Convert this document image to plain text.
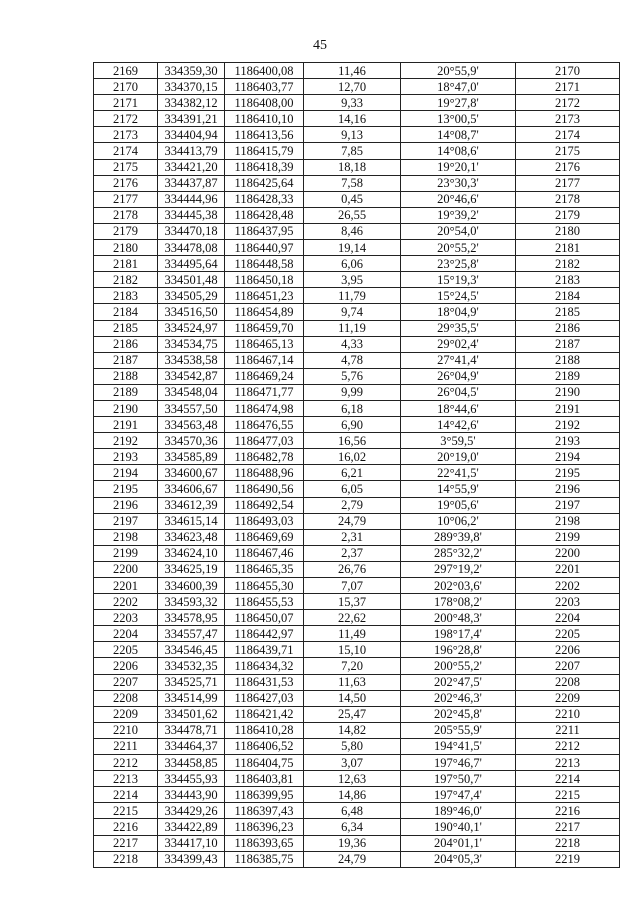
45
2169	334359,30	1186400,08	11,46	20°55,9'	2170
2170	334370,15	1186403,77	12,70	18°47,0'	2171
2171	334382,12	1186408,00	9,33	19°27,8'	2172
2172	334391,21	1186410,10	14,16	13°00,5'	2173
2173	334404,94	1186413,56	9,13	14°08,7'	2174
2174	334413,79	1186415,79	7,85	14°08,6'	2175
2175	334421,20	1186418,39	18,18	19°20,1'	2176
2176	334437,87	1186425,64	7,58	23°30,3'	2177
2177	334444,96	1186428,33	0,45	20°46,6'	2178
2178	334445,38	1186428,48	26,55	19°39,2'	2179
2179	334470,18	1186437,95	8,46	20°54,0'	2180
2180	334478,08	1186440,97	19,14	20°55,2'	2181
2181	334495,64	1186448,58	6,06	23°25,8'	2182
2182	334501,48	1186450,18	3,95	15°19,3'	2183
2183	334505,29	1186451,23	11,79	15°24,5'	2184
2184	334516,50	1186454,89	9,74	18°04,9'	2185
2185	334524,97	1186459,70	11,19	29°35,5'	2186
2186	334534,75	1186465,13	4,33	29°02,4'	2187
2187	334538,58	1186467,14	4,78	27°41,4'	2188
2188	334542,87	1186469,24	5,76	26°04,9'	2189
2189	334548,04	1186471,77	9,99	26°04,5'	2190
2190	334557,50	1186474,98	6,18	18°44,6'	2191
2191	334563,48	1186476,55	6,90	14°42,6'	2192
2192	334570,36	1186477,03	16,56	3°59,5'	2193
2193	334585,89	1186482,78	16,02	20°19,0'	2194
2194	334600,67	1186488,96	6,21	22°41,5'	2195
2195	334606,67	1186490,56	6,05	14°55,9'	2196
2196	334612,39	1186492,54	2,79	19°05,6'	2197
2197	334615,14	1186493,03	24,79	10°06,2'	2198
2198	334623,48	1186469,69	2,31	289°39,8'	2199
2199	334624,10	1186467,46	2,37	285°32,2'	2200
2200	334625,19	1186465,35	26,76	297°19,2'	2201
2201	334600,39	1186455,30	7,07	202°03,6'	2202
2202	334593,32	1186455,53	15,37	178°08,2'	2203
2203	334578,95	1186450,07	22,62	200°48,3'	2204
2204	334557,47	1186442,97	11,49	198°17,4'	2205
2205	334546,45	1186439,71	15,10	196°28,8'	2206
2206	334532,35	1186434,32	7,20	200°55,2'	2207
2207	334525,71	1186431,53	11,63	202°47,5'	2208
2208	334514,99	1186427,03	14,50	202°46,3'	2209
2209	334501,62	1186421,42	25,47	202°45,8'	2210
2210	334478,71	1186410,28	14,82	205°55,9'	2211
2211	334464,37	1186406,52	5,80	194°41,5'	2212
2212	334458,85	1186404,75	3,07	197°46,7'	2213
2213	334455,93	1186403,81	12,63	197°50,7'	2214
2214	334443,90	1186399,95	14,86	197°47,4'	2215
2215	334429,26	1186397,43	6,48	189°46,0'	2216
2216	334422,89	1186396,23	6,34	190°40,1'	2217
2217	334417,10	1186393,65	19,36	204°01,1'	2218
2218	334399,43	1186385,75	24,79	204°05,3'	2219
